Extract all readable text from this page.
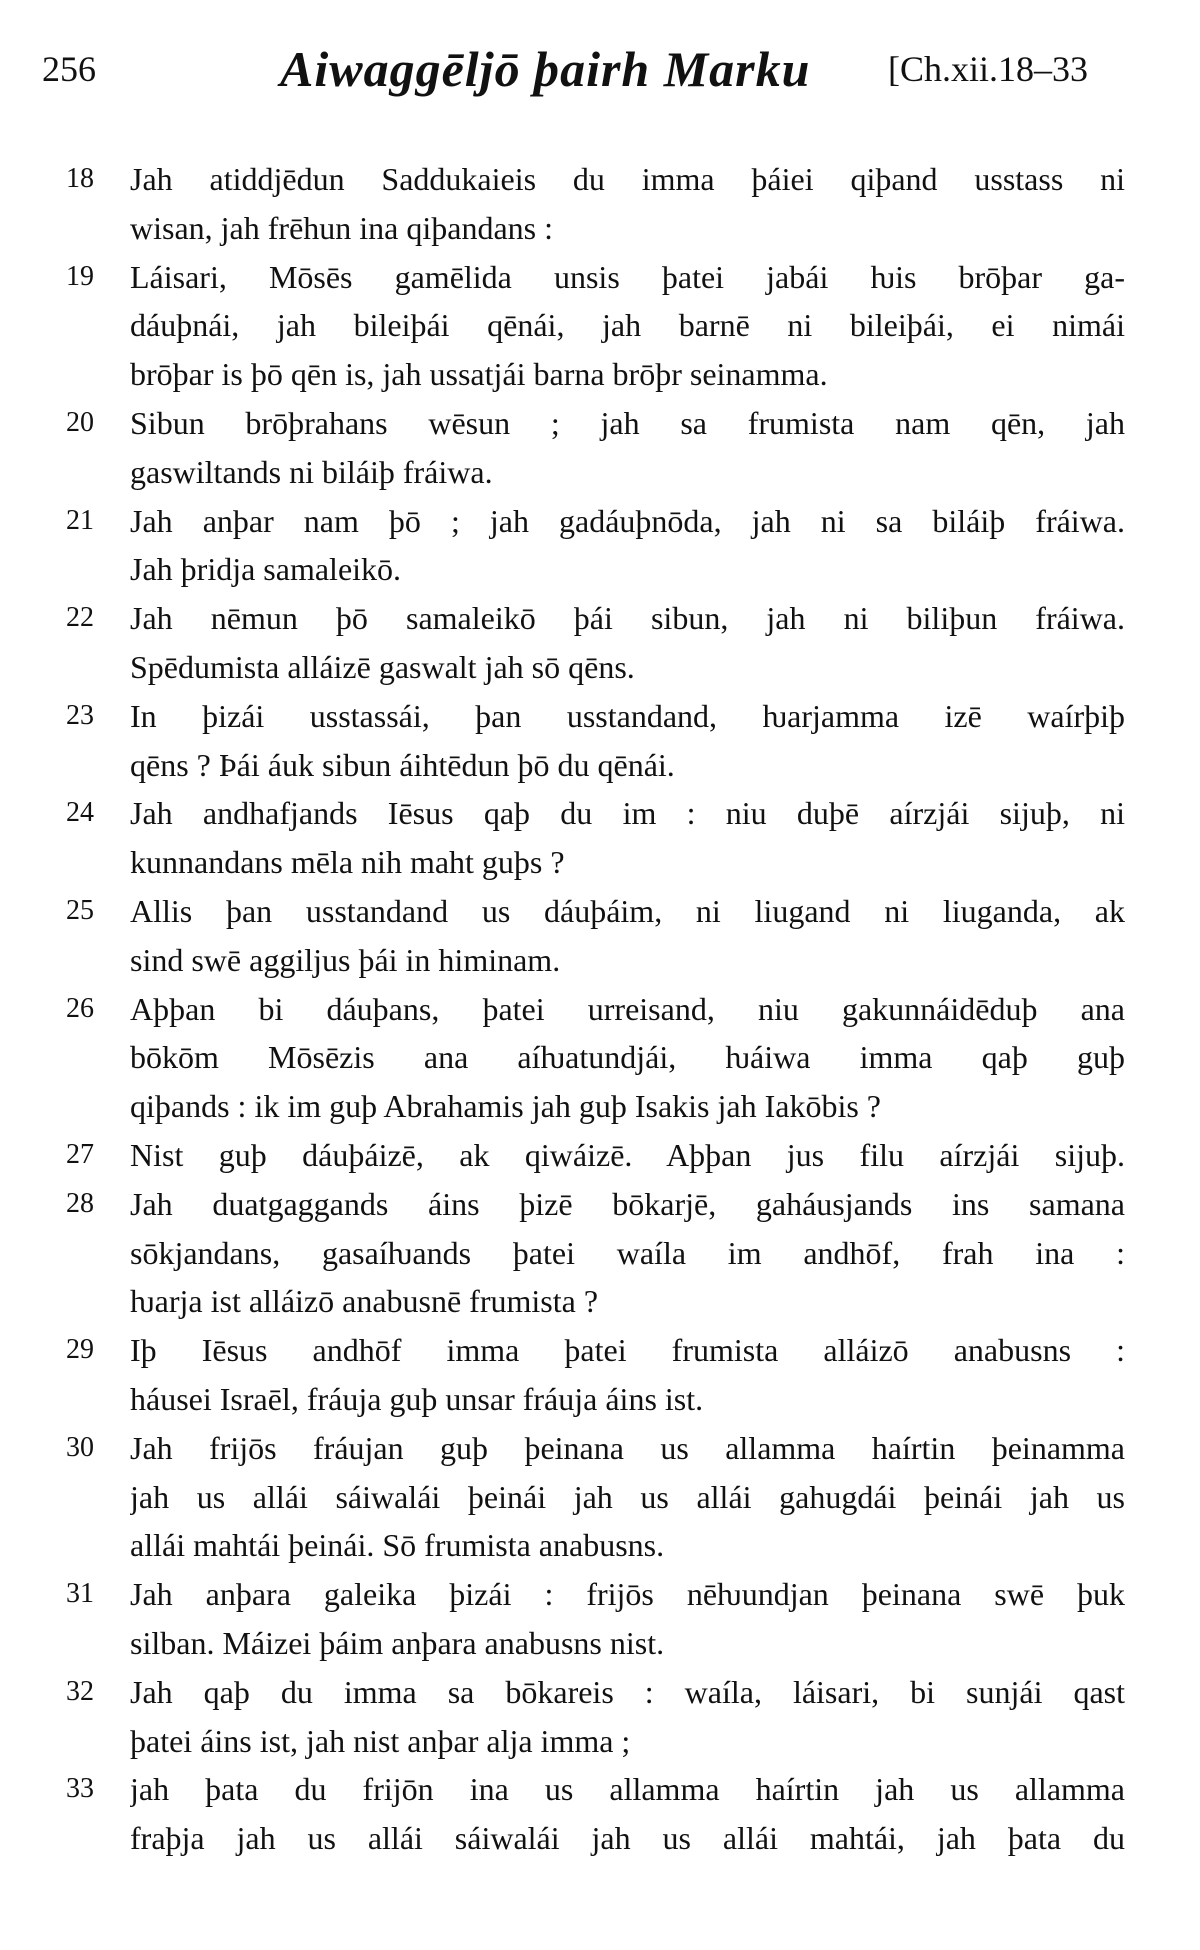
256	Aiwaggēljō þairh Marku [Ch.xii.18–33
18	Jah atiddjēdun Saddukaieis du imma þáiei qiþand usstass ni
wisan, jah frēhun ina qiþandans :
19	Láisari, Mōsēs gamēlida unsis þatei jabái ƕis brōþar ga-
dáuþnái, jah bileiþái qēnái, jah barnē ni bileiþái, ei nimái
brōþar is þō qēn is, jah ussatjái barna brōþr seinamma.
20	Sibun brōþrahans wēsun ; jah sa frumista nam qēn, jah
gaswiltands ni biláiþ fráiwa.
21	Jah anþar nam þō ; jah gadáuþnōda, jah ni sa biláiþ fráiwa.
Jah þridja samaleikō.
22	Jah nēmun þō samaleikō þái sibun, jah ni biliþun fráiwa.
Spēdumista alláizē gaswalt jah sō qēns.
23	In þizái usstassái, þan usstandand, ƕarjamma izē waírþiþ
qēns ? Þái áuk sibun áihtēdun þō du qēnái.
24	Jah andhafjands Iēsus qaþ du im : niu duþē aírzjái sijuþ, ni
kunnandans mēla nih maht guþs ?
25	Allis þan usstandand us dáuþáim, ni liugand ni liuganda, ak
sind swē aggiljus þái in himinam.
26	Aþþan bi dáuþans, þatei urreisand, niu gakunnáidēduþ ana
bōkōm Mōsēzis ana aíƕatundjái, ƕáiwa imma qaþ guþ
qiþands : ik im guþ Abrahamis jah guþ Isakis jah Iakōbis ?
27	Nist guþ dáuþáizē, ak qiwáizē. Aþþan jus filu aírzjái sijuþ.
28	Jah duatgaggands áins þizē bōkarjē, gaháusjands ins samana
sōkjandans, gasaíƕands þatei waíla im andhōf, frah ina :
ƕarja ist alláizō anabusnē frumista ?
29	Iþ Iēsus andhōf imma þatei frumista alláizō anabusns :
háusei Israēl, fráuja guþ unsar fráuja áins ist.
30	Jah frijōs fráujan guþ þeinana us allamma haírtin þeinamma
jah us allái sáiwalái þeinái jah us allái gahugdái þeinái jah us
allái mahtái þeinái. Sō frumista anabusns.
31	Jah anþara galeika þizái : frijōs nēƕundjan þeinana swē þuk
silban. Máizei þáim anþara anabusns nist.
32	Jah qaþ du imma sa bōkareis : waíla, láisari, bi sunjái qast
þatei áins ist, jah nist anþar alja imma ;
33	jah þata du frijōn ina us allamma haírtin jah us allamma
fraþja jah us allái sáiwalái jah us allái mahtái, jah þata du
